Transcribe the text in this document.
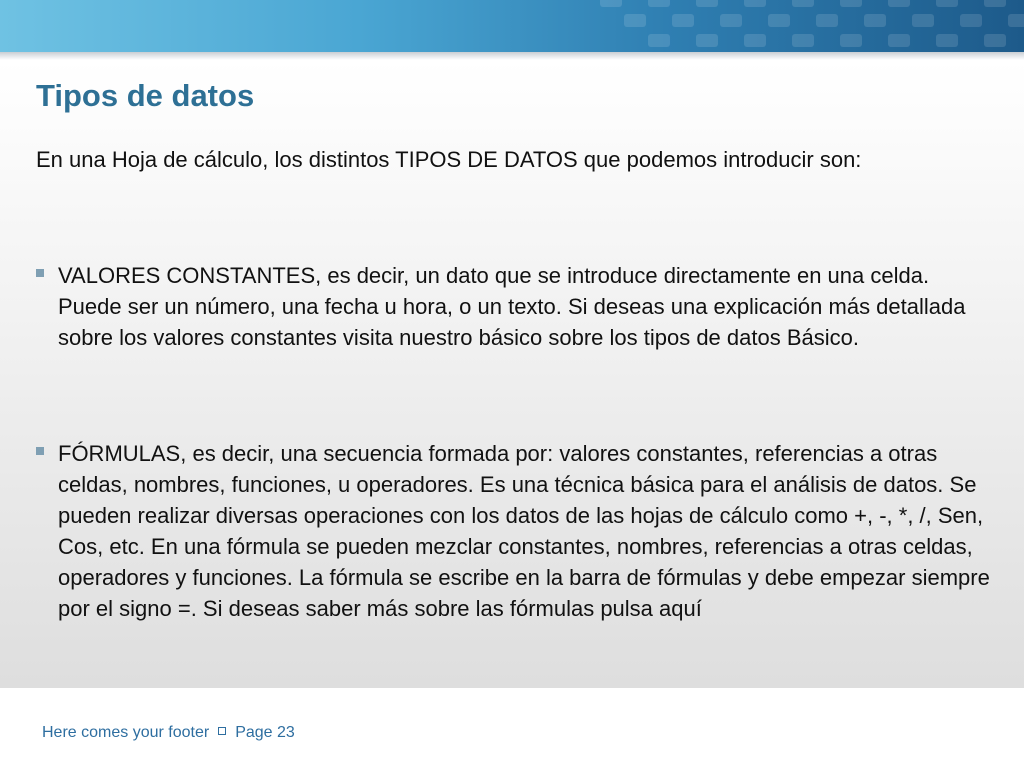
Tipos de datos

En una Hoja de cálculo, los distintos TIPOS DE DATOS que podemos introducir son:

VALORES CONSTANTES, es decir, un dato que se introduce directamente en una celda. Puede ser un número, una fecha u hora, o un texto. Si deseas una explicación más detallada sobre los valores constantes visita nuestro básico sobre los tipos de datos Básico.

FÓRMULAS, es decir, una secuencia formada por: valores constantes, referencias a otras celdas, nombres, funciones, u operadores. Es una técnica básica para el análisis de datos. Se pueden realizar diversas operaciones con los datos de las hojas de cálculo como +, -, *, /, Sen, Cos, etc. En una fórmula se pueden mezclar constantes, nombres, referencias a otras celdas, operadores y funciones. La fórmula se escribe en la barra de fórmulas y debe empezar siempre por el signo =. Si deseas saber más sobre las fórmulas pulsa aquí

Here comes your footer Page 23
